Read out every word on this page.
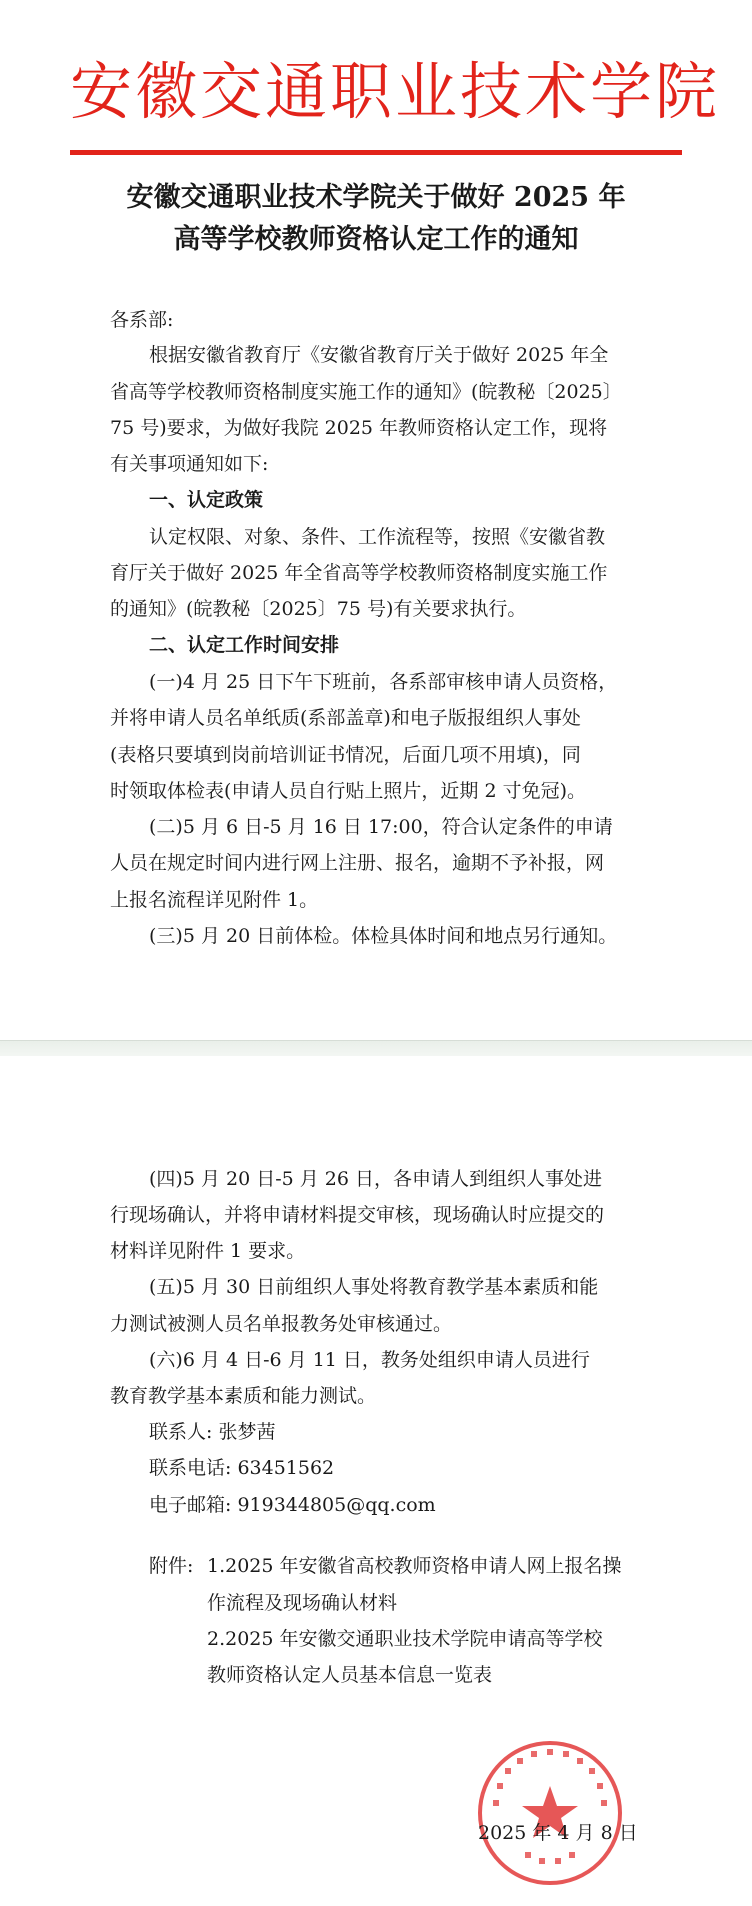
安徽交通职业技术学院
安徽交通职业技术学院关于做好 2025 年
高等学校教师资格认定工作的通知
各系部:
根据安徽省教育厅《安徽省教育厅关于做好 2025 年全
省高等学校教师资格制度实施工作的通知》(皖教秘〔2025〕
75 号)要求，为做好我院 2025 年教师资格认定工作，现将
有关事项通知如下:
一、认定政策
认定权限、对象、条件、工作流程等，按照《安徽省教
育厅关于做好 2025 年全省高等学校教师资格制度实施工作
的通知》(皖教秘〔2025〕75 号)有关要求执行。
二、认定工作时间安排
(一)4 月 25 日下午下班前，各系部审核申请人员资格，
并将申请人员名单纸质(系部盖章)和电子版报组织人事处
(表格只要填到岗前培训证书情况，后面几项不用填)，同
时领取体检表(申请人员自行贴上照片，近期 2 寸免冠)。
(二)5 月 6 日-5 月 16 日 17:00，符合认定条件的申请
人员在规定时间内进行网上注册、报名，逾期不予补报，网
上报名流程详见附件 1。
(三)5 月 20 日前体检。体检具体时间和地点另行通知。
(四)5 月 20 日-5 月 26 日，各申请人到组织人事处进
行现场确认，并将申请材料提交审核，现场确认时应提交的
材料详见附件 1 要求。
(五)5 月 30 日前组织人事处将教育教学基本素质和能
力测试被测人员名单报教务处审核通过。
(六)6 月 4 日-6 月 11 日，教务处组织申请人员进行
教育教学基本素质和能力测试。
联系人: 张梦茜
联系电话: 63451562
电子邮箱: 919344805@qq.com
附件: 1.2025 年安徽省高校教师资格申请人网上报名操
作流程及现场确认材料
2.2025 年安徽交通职业技术学院申请高等学校
教师资格认定人员基本信息一览表
2025 年 4 月 8 日
